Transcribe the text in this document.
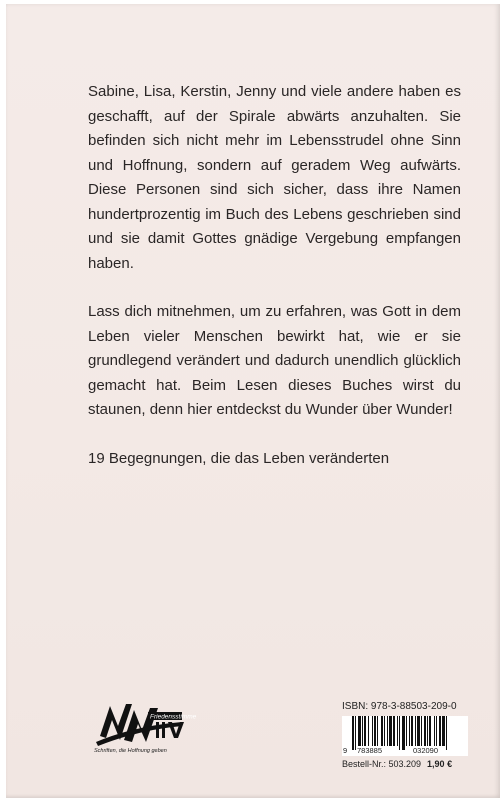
Sabine, Lisa, Kerstin, Jenny und viele andere haben es geschafft, auf der Spirale abwärts anzuhalten. Sie befinden sich nicht mehr im Lebensstrudel ohne Sinn und Hoffnung, sondern auf geradem Weg aufwärts. Diese Personen sind sich sicher, dass ihre Namen hundertprozentig im Buch des Lebens geschrieben sind und sie damit Gottes gnädige Vergebung empfangen haben.

Lass dich mitnehmen, um zu erfahren, was Gott in dem Leben vieler Menschen bewirkt hat, wie er sie grundlegend verändert und dadurch unendlich glücklich gemacht hat. Beim Lesen dieses Buches wirst du staunen, denn hier entdeckst du Wunder über Wunder!

19 Begegnungen, die das Leben veränderten

Friedensstimme
Schriften, die Hoffnung geben
ISBN: 978-3-88503-209-0
9 783885	032090
Bestell-Nr.: 503.209 1,90 €
